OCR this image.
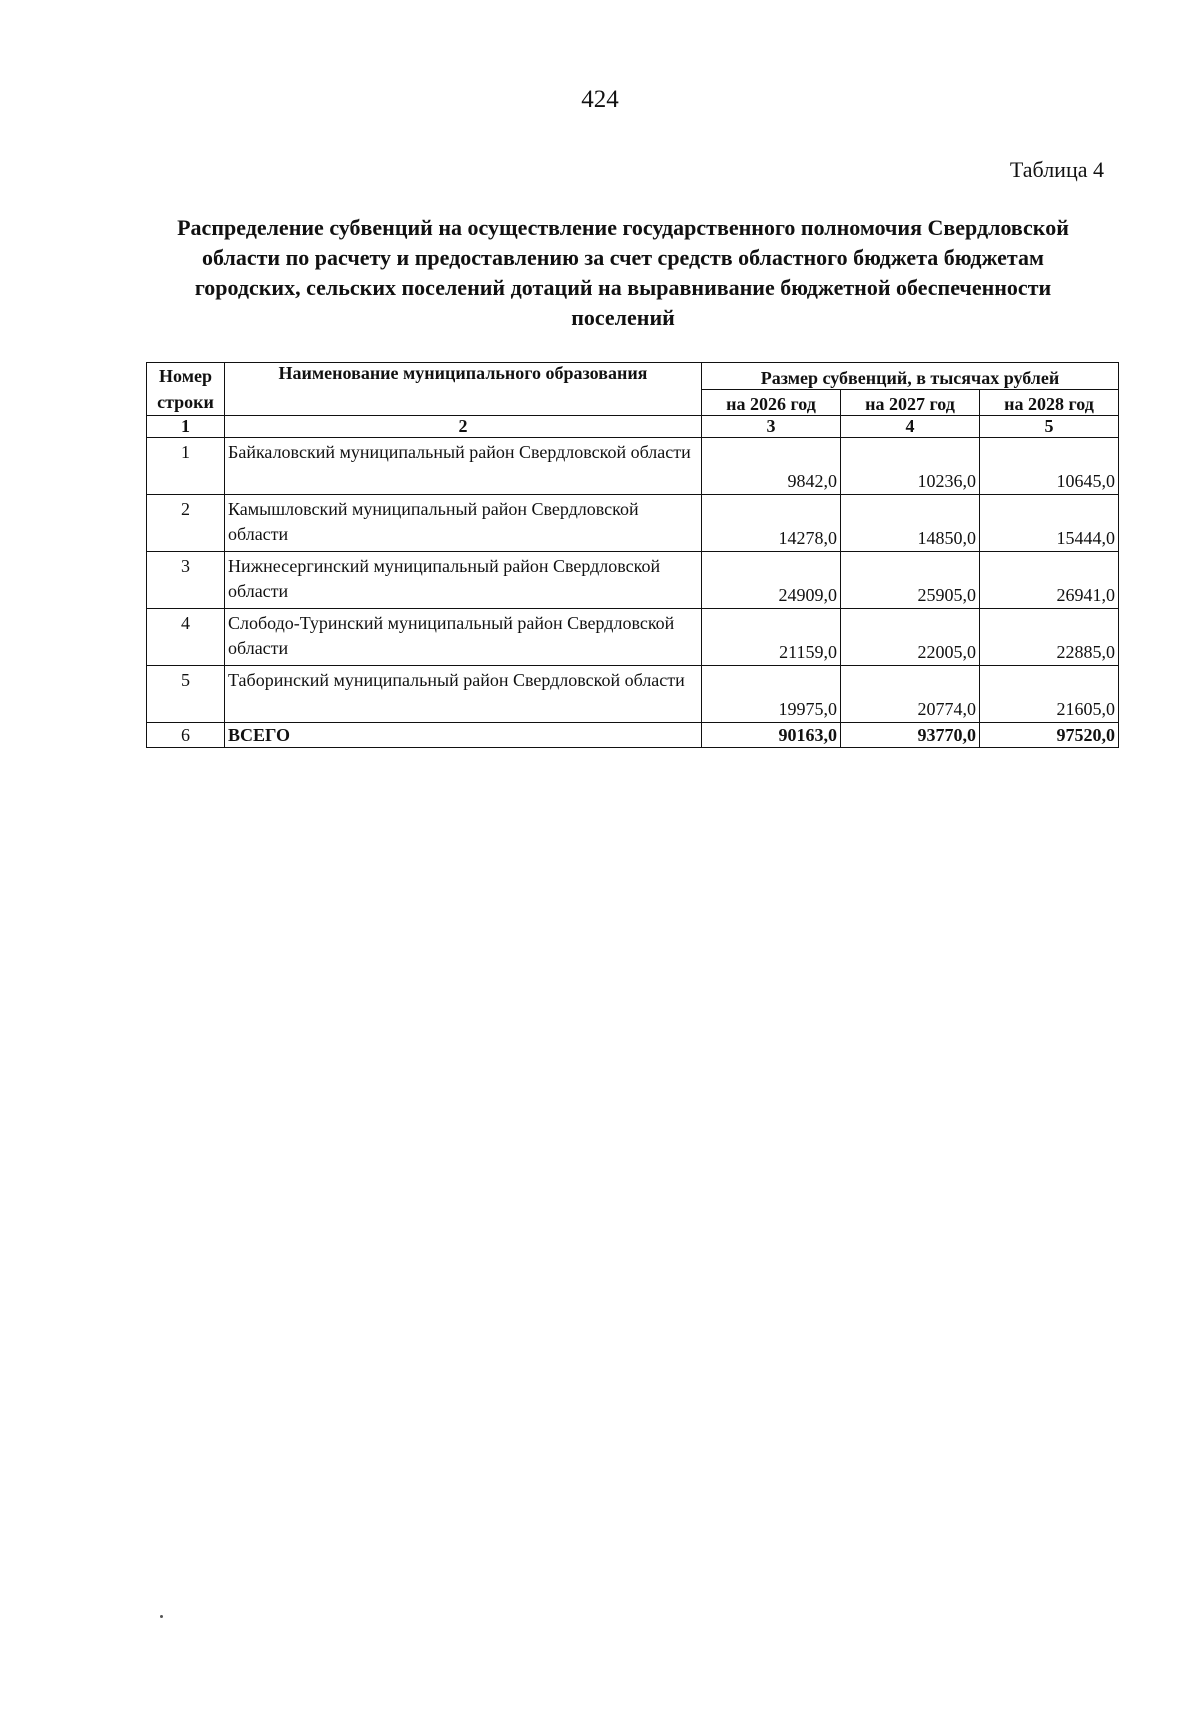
424
Таблица 4

Распределение субвенций на осуществление государственного полномочия Свердловской области по расчету и предоставлению за счет средств областного бюджета бюджетам городских, сельских поселений дотаций на выравнивание бюджетной обеспеченности поселений

Номер
строки	Наименование муниципального образования	Размер субвенций, в тысячах рублей		
		на 2026 год	на 2027 год	на 2028 год
1	2	3	4	5
1	Байкаловский муниципальный район Свердловской области	9842,0	10236,0	10645,0
2	Камышловский муниципальный район Свердловской области	14278,0	14850,0	15444,0
3	Нижнесергинский муниципальный район Свердловской области	24909,0	25905,0	26941,0
4	Слободо-Туринский муниципальный район Свердловской области	21159,0	22005,0	22885,0
5	Таборинский муниципальный район Свердловской области	19975,0	20774,0	21605,0
6	ВСЕГО	90163,0	93770,0	97520,0
